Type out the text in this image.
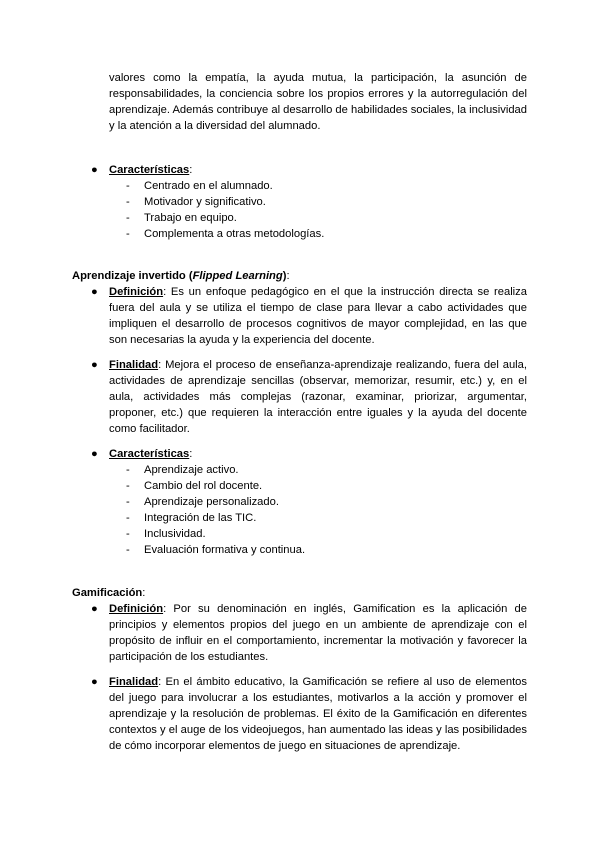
valores como la empatía, la ayuda mutua, la participación, la asunción de responsabilidades, la conciencia sobre los propios errores y la autorregulación del aprendizaje. Además contribuye al desarrollo de habilidades sociales, la inclusividad y la atención a la diversidad del alumnado.

●	Características:
- Centrado en el alumnado.
- Motivador y significativo.
- Trabajo en equipo.
- Complementa a otras metodologías.
Aprendizaje invertido (Flipped Learning):
●	Definición: Es un enfoque pedagógico en el que la instrucción directa se realiza fuera del aula y se utiliza el tiempo de clase para llevar a cabo actividades que impliquen el desarrollo de procesos cognitivos de mayor complejidad, en las que son necesarias la ayuda y la experiencia del docente.
●	Finalidad: Mejora el proceso de enseñanza-aprendizaje realizando, fuera del aula, actividades de aprendizaje sencillas (observar, memorizar, resumir, etc.) y, en el aula, actividades más complejas (razonar, examinar, priorizar, argumentar, proponer, etc.) que requieren la interacción entre iguales y la ayuda del docente como facilitador.
●	Características:
- Aprendizaje activo.
- Cambio del rol docente.
- Aprendizaje personalizado.
- Integración de las TIC.
- Inclusividad.
- Evaluación formativa y continua.
Gamificación:
●	Definición: Por su denominación en inglés, Gamification es la aplicación de principios y elementos propios del juego en un ambiente de aprendizaje con el propósito de influir en el comportamiento, incrementar la motivación y favorecer la participación de los estudiantes.
●	Finalidad: En el ámbito educativo, la Gamificación se refiere al uso de elementos del juego para involucrar a los estudiantes, motivarlos a la acción y promover el aprendizaje y la resolución de problemas. El éxito de la Gamificación en diferentes contextos y el auge de los videojuegos, han aumentado las ideas y las posibilidades de cómo incorporar elementos de juego en situaciones de aprendizaje.
